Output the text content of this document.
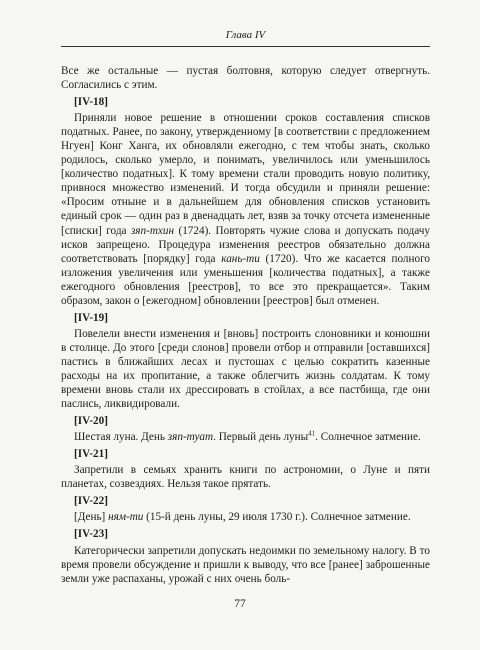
Глава IV

Все же остальные — пустая болтовня, которую следует отвергнуть. Согласились с этим.

[IV-18]

Приняли новое решение в отношении сроков составления списков податных. Ранее, по закону, утвержденному [в соответствии с предложением Нгуен] Конг Ханга, их обновляли ежегодно, с тем чтобы знать, сколько родилось, сколько умерло, и понимать, увеличилось или уменьшилось [количество податных]. К тому времени стали проводить новую политику, привнося множество изменений. И тогда обсудили и приняли решение: «Просим отныне и в дальнейшем для обновления списков установить единый срок — один раз в двенадцать лет, взяв за точку отсчета измененные [списки] года зяп-тхин (1724). Повторять чужие слова и допускать подачу исков запрещено. Процедура изменения реестров обязательно должна соответствовать [порядку] года кань-ти (1720). Что же касается полного изложения увеличения или уменьшения [количества податных], а также ежегодного обновления [реестров], то все это прекращается». Таким образом, закон о [ежегодном] обновлении [реестров] был отменен.

[IV-19]

Повелели внести изменения и [вновь] построить слоновники и конюшни в столице. До этого [среди слонов] провели отбор и отправили [оставшихся] пастись в ближайших лесах и пустошах с целью сократить казенные расходы на их пропитание, а также облегчить жизнь солдатам. К тому времени вновь стали их дрессировать в стойлах, а все пастбища, где они паслись, ликвидировали.

[IV-20]

Шестая луна. День зяп-туат. Первый день луны$^{41}$. Солнечное затмение.

[IV-21]

Запретили в семьях хранить книги по астрономии, о Луне и пяти планетах, созвездиях. Нельзя такое прятать.

[IV-22]

[День] ням-ти (15-й день луны, 29 июля 1730 г.). Солнечное затмение.

[IV-23]

Категорически запретили допускать недоимки по земельному налогу. В то время провели обсуждение и пришли к выводу, что все [ранее] заброшенные земли уже распаханы, урожай с них очень боль-

77
